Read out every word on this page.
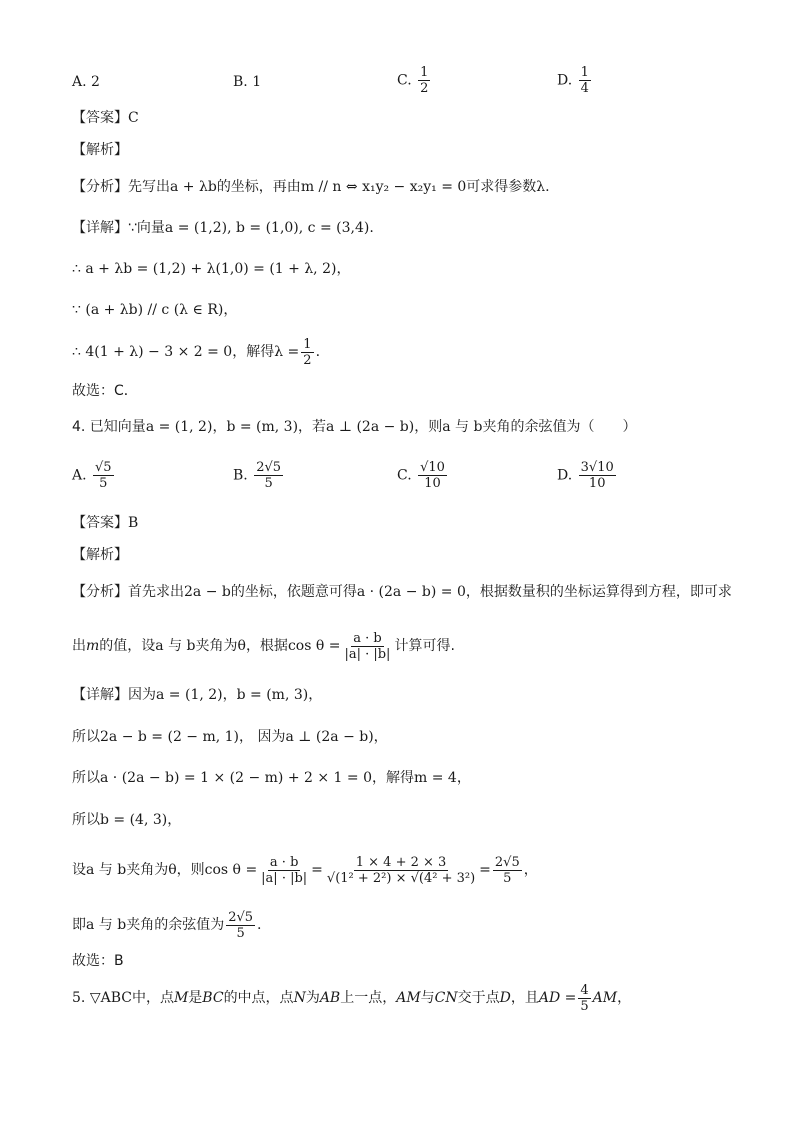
A. 2	B. 1	C. $\frac{1}{2}$	D. $\frac{1}{4}$
【答案】C
【解析】
【分析】先写出a + λb的坐标，再由m // n ⇔ x₁y₂ − x₂y₁ = 0可求得参数λ.
【详解】∵向量a = (1,2), b = (1,0), c = (3,4).
∴ a + λb = (1,2) + λ(1,0) = (1 + λ, 2)，
∵ (a + λb) // c (λ ∈ R)，
∴ 4(1 + λ) − 3 × 2 = 0，解得$\lambda = \frac{1}{2}$ .
故选：C．
4. 已知向量a = (1, 2)，b = (m, 3)，若a ⊥ (2a − b)，则a 与 b夹角的余弦值为（　　）
A. $\frac{√5}{5}$	B. $\frac{2√5}{5}$	C. $\frac{√10}{10}$	D. $\frac{3√10}{10}$
【答案】B
【解析】
【分析】首先求出2a − b的坐标，依题意可得a · (2a − b) = 0，根据数量积的坐标运算得到方程，即可求
出m的值，设a 与 b夹角为θ，根据$\cos \theta = \frac{a \cdot b}{|a| \cdot |b|}$ 计算可得.
【详解】因为a = (1, 2)，b = (m, 3)，
所以2a − b = (2 − m, 1)， 因为a ⊥ (2a − b)，
所以a · (2a − b) = 1 × (2 − m) + 2 × 1 = 0，解得m = 4，
所以b = (4, 3)，
设a 与 b夹角为θ，则$\cos \theta = \frac{a \cdot b}{|a| \cdot |b|} = \frac{1 \times 4 + 2 \times 3}{\text{√(1² + 2²) × √(4² + 3²)}} = \frac{2√5}{5}$ ，
即a 与 b夹角的余弦值为 $\frac{2√5}{5}$ .
故选：B
5. ▽ABC中，点M是BC的中点，点N为AB上一点，AM与CN交于点D，且AD = $\frac{4}{5}$ AM，
